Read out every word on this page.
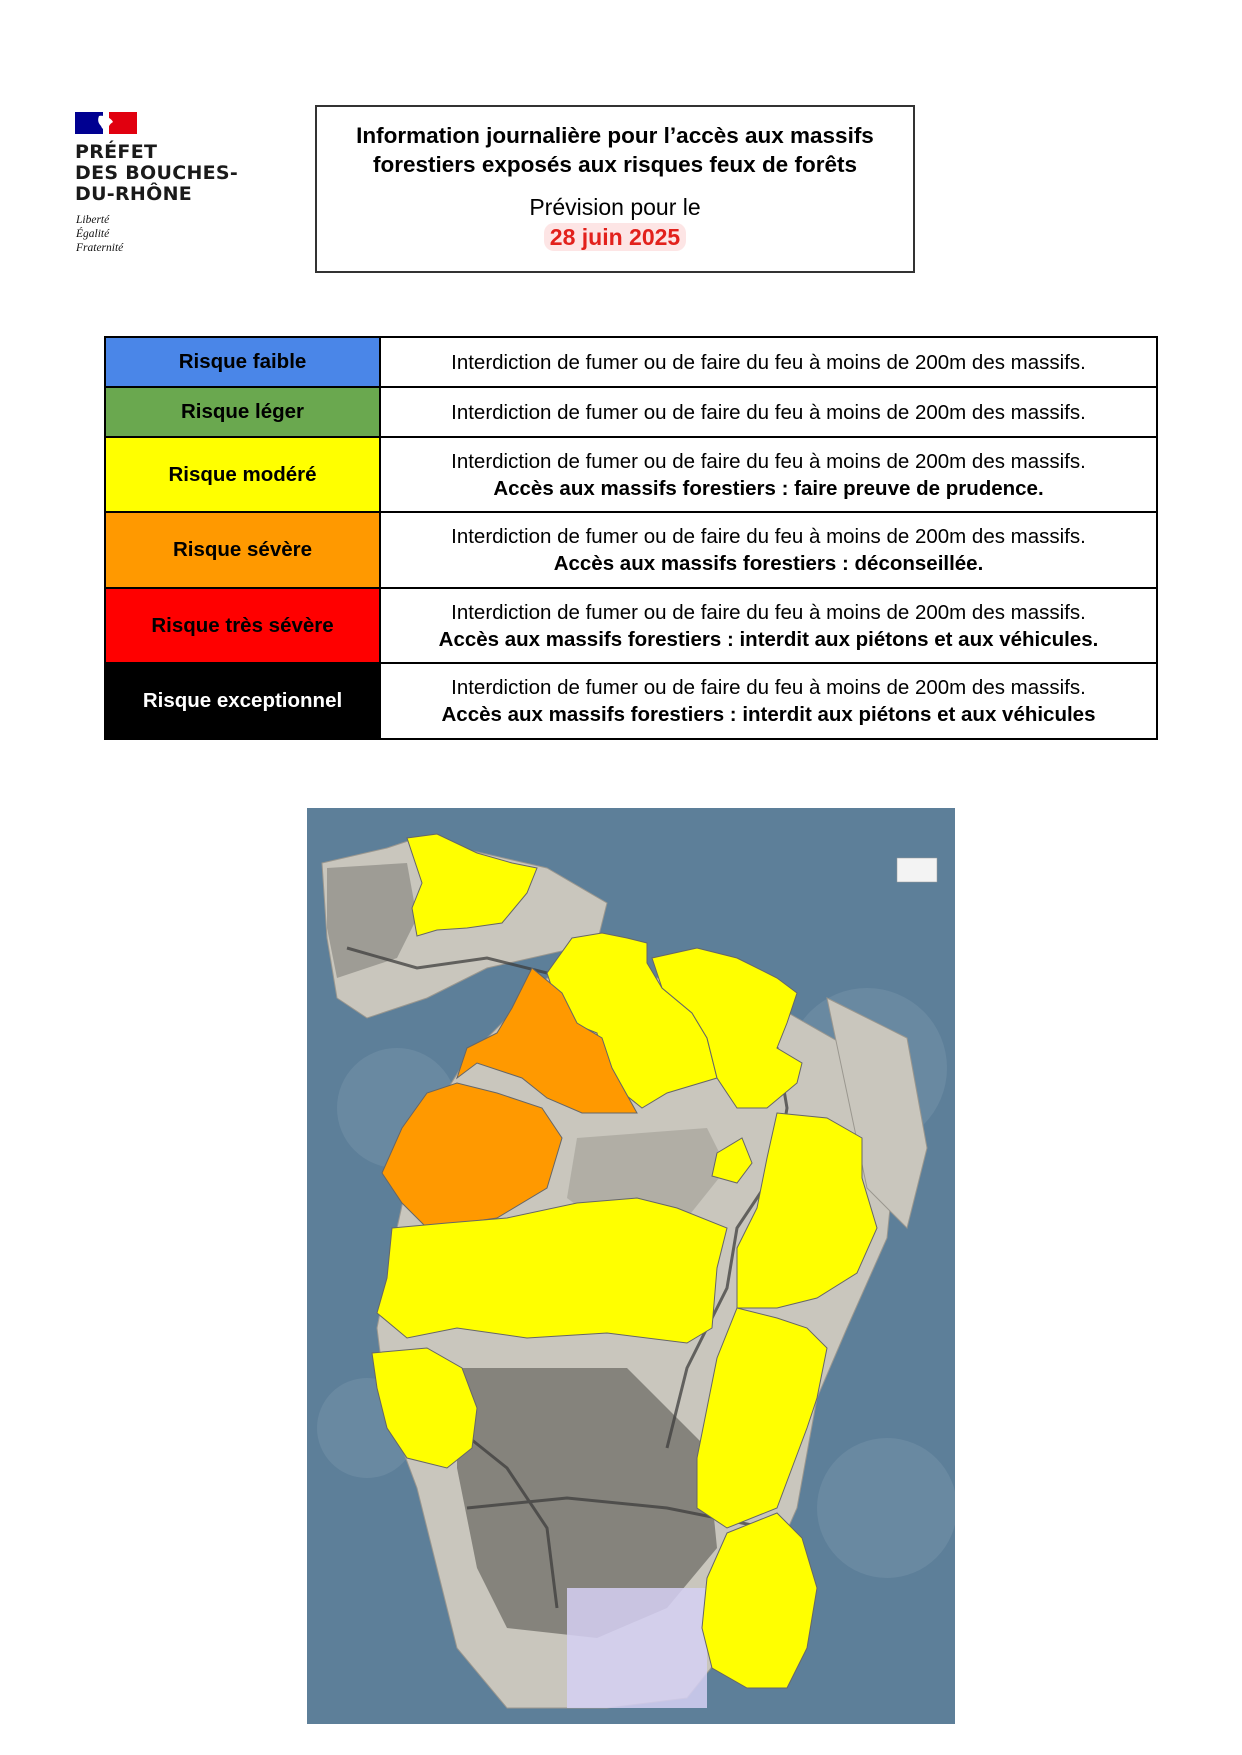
PRÉFET
DES BOUCHES-
DU-RHÔNE
Liberté
Égalité
Fraternité
Information journalière pour l’accès aux massifs
forestiers exposés aux risques feux de forêts
Prévision pour le
28 juin 2025
Risque faible	Interdiction de fumer ou de faire du feu à moins de 200m des massifs.

Risque léger	Interdiction de fumer ou de faire du feu à moins de 200m des massifs.

Risque modéré	Interdiction de fumer ou de faire du feu à moins de 200m des massifs.
Accès aux massifs forestiers : faire preuve de prudence.

Risque sévère	Interdiction de fumer ou de faire du feu à moins de 200m des massifs.
Accès aux massifs forestiers : déconseillée.

Risque très sévère	Interdiction de fumer ou de faire du feu à moins de 200m des massifs.
Accès aux massifs forestiers : interdit aux piétons et aux véhicules.

Risque exceptionnel	Interdiction de fumer ou de faire du feu à moins de 200m des massifs.
Accès aux massifs forestiers : interdit aux piétons et aux véhicules
